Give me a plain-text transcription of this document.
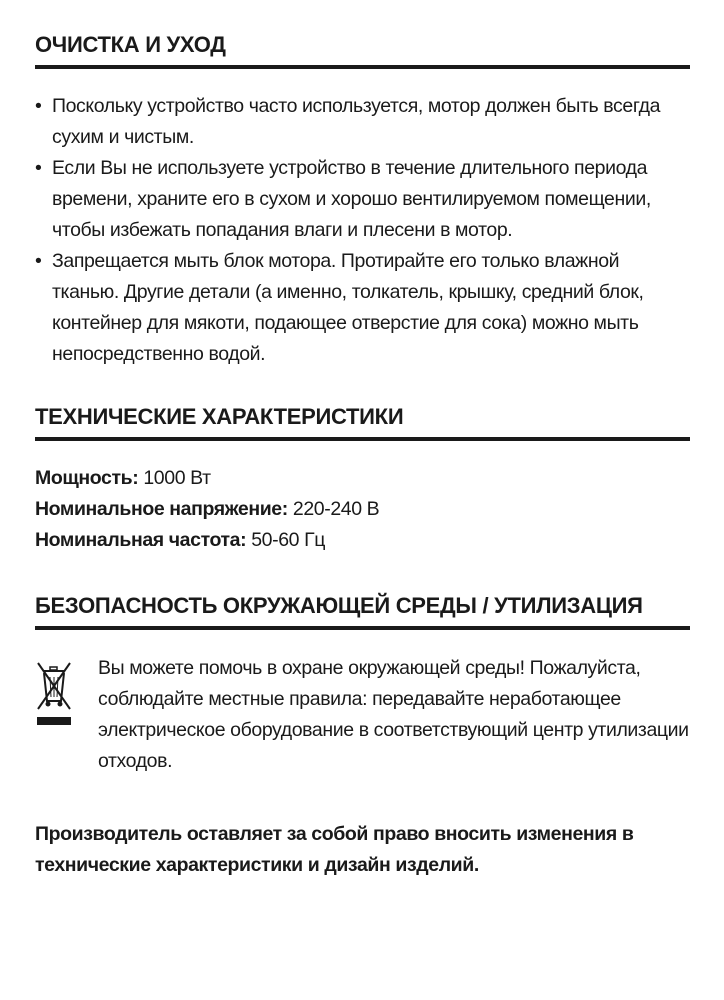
ОЧИСТКА И УХОД
• Поскольку устройство часто используется, мотор должен быть всегда сухим и чистым.
• Если Вы не используете устройство в течение длительного периода времени, храните его в сухом и хорошо вентилируемом помещении, чтобы избежать попадания влаги и плесени в мотор.
• Запрещается мыть блок мотора. Протирайте его только влажной тканью. Другие детали (а именно, толкатель, крышку, средний блок, контейнер для мякоти, подающее отверстие для сока) можно мыть непосредственно водой.
ТЕХНИЧЕСКИЕ ХАРАКТЕРИСТИКИ
Мощность: 1000 Вт
Номинальное напряжение: 220-240 В
Номинальная частота: 50-60 Гц
БЕЗОПАСНОСТЬ ОКРУЖАЮЩЕЙ СРЕДЫ / УТИЛИЗАЦИЯ
Вы можете помочь в охране окружающей среды! Пожалуйста, соблюдайте местные правила: передавайте неработающее электрическое оборудование в соответствующий центр утилизации отходов.
Производитель оставляет за собой право вносить изменения в технические характеристики и дизайн изделий.
